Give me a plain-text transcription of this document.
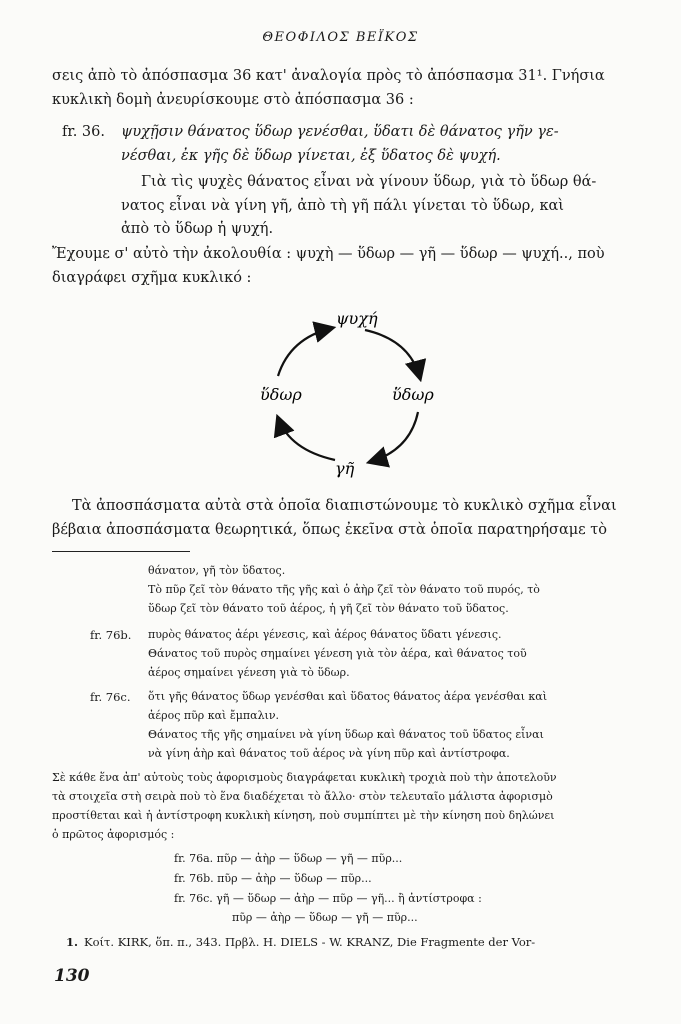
ΘΕΟΦΙΛΟΣ ΒΕΪΚΟΣ
σεις ἀπὸ τὸ ἀπόσπασμα 36 κατ' ἀναλογία πρὸς τὸ ἀπόσπασμα 31¹. Γνήσια
κυκλικὴ δομὴ ἀνευρίσκουμε στὸ ἀπόσπασμα 36 :
fr. 36. ψυχῇσιν θάνατος ὕδωρ γενέσθαι, ὕδατι δὲ θάνατος γῆν γε-
νέσθαι, ἐκ γῆς δὲ ὕδωρ γίνεται, ἐξ ὕδατος δὲ ψυχή.
Γιὰ τὶς ψυχὲς θάνατος εἶναι νὰ γίνουν ὕδωρ, γιὰ τὸ ὕδωρ θά-
νατος εἶναι νὰ γίνη γῆ, ἀπὸ τὴ γῆ πάλι γίνεται τὸ ὕδωρ, καὶ
ἀπὸ τὸ ὕδωρ ἡ ψυχή.
Ἔχουμε σ' αὐτὸ τὴν ἀκολουθία : ψυχὴ — ὕδωρ — γῆ — ὕδωρ — ψυχή.., ποὺ
διαγράφει σχῆμα κυκλικό :
ψυχή
ὕδωρ	ὕδωρ
γῆ
Τὰ ἀποσπάσματα αὐτὰ στὰ ὁποῖα διαπιστώνουμε τὸ κυκλικὸ σχῆμα εἶναι
βέβαια ἀποσπάσματα θεωρητικά, ὅπως ἐκεῖνα στὰ ὁποῖα παρατηρήσαμε τὸ
θάνατον, γῆ τὸν ὕδατος.
Τὸ πῦρ ζεῖ τὸν θάνατο τῆς γῆς καὶ ὁ ἀὴρ ζεῖ τὸν θάνατο τοῦ πυρός, τὸ
ὕδωρ ζεῖ τὸν θάνατο τοῦ ἀέρος, ἡ γῆ ζεῖ τὸν θάνατο τοῦ ὕδατος.
fr. 76b. πυρὸς θάνατος ἀέρι γένεσις, καὶ ἀέρος θάνατος ὕδατι γένεσις.
Θάνατος τοῦ πυρὸς σημαίνει γένεση γιὰ τὸν ἀέρα, καὶ θάνατος τοῦ
ἀέρος σημαίνει γένεση γιὰ τὸ ὕδωρ.
fr. 76c. ὅτι γῆς θάνατος ὕδωρ γενέσθαι καὶ ὕδατος θάνατος ἀέρα γενέσθαι καὶ
ἀέρος πῦρ καὶ ἔμπαλιν.
Θάνατος τῆς γῆς σημαίνει νὰ γίνη ὕδωρ καὶ θάνατος τοῦ ὕδατος εἶναι
νὰ γίνη ἀὴρ καὶ θάνατος τοῦ ἀέρος νὰ γίνη πῦρ καὶ ἀντίστροφα.
Σὲ κάθε ἕνα ἀπ' αὐτοὺς τοὺς ἀφορισμοὺς διαγράφεται κυκλικὴ τροχιὰ ποὺ τὴν ἀποτελοῦν
τὰ στοιχεῖα στὴ σειρὰ ποὺ τὸ ἕνα διαδέχεται τὸ ἄλλο· στὸν τελευταῖο μάλιστα ἀφορισμὸ
προστίθεται καὶ ἡ ἀντίστροφη κυκλικὴ κίνηση, ποὺ συμπίπτει μὲ τὴν κίνηση ποὺ δηλώνει
ὁ πρῶτος ἀφορισμός :
fr. 76a. πῦρ — ἀὴρ — ὕδωρ — γῆ — πῦρ...
fr. 76b. πῦρ — ἀὴρ — ὕδωρ — πῦρ...
fr. 76c. γῆ — ὕδωρ — ἀὴρ — πῦρ — γῆ... ἢ ἀντίστροφα :
πῦρ — ἀὴρ — ὕδωρ — γῆ — πῦρ...
1. Κοίτ. KIRK, ὅπ. π., 343. Πρβλ. H. DIELS - W. KRANZ, Die Fragmente der Vor-
130
